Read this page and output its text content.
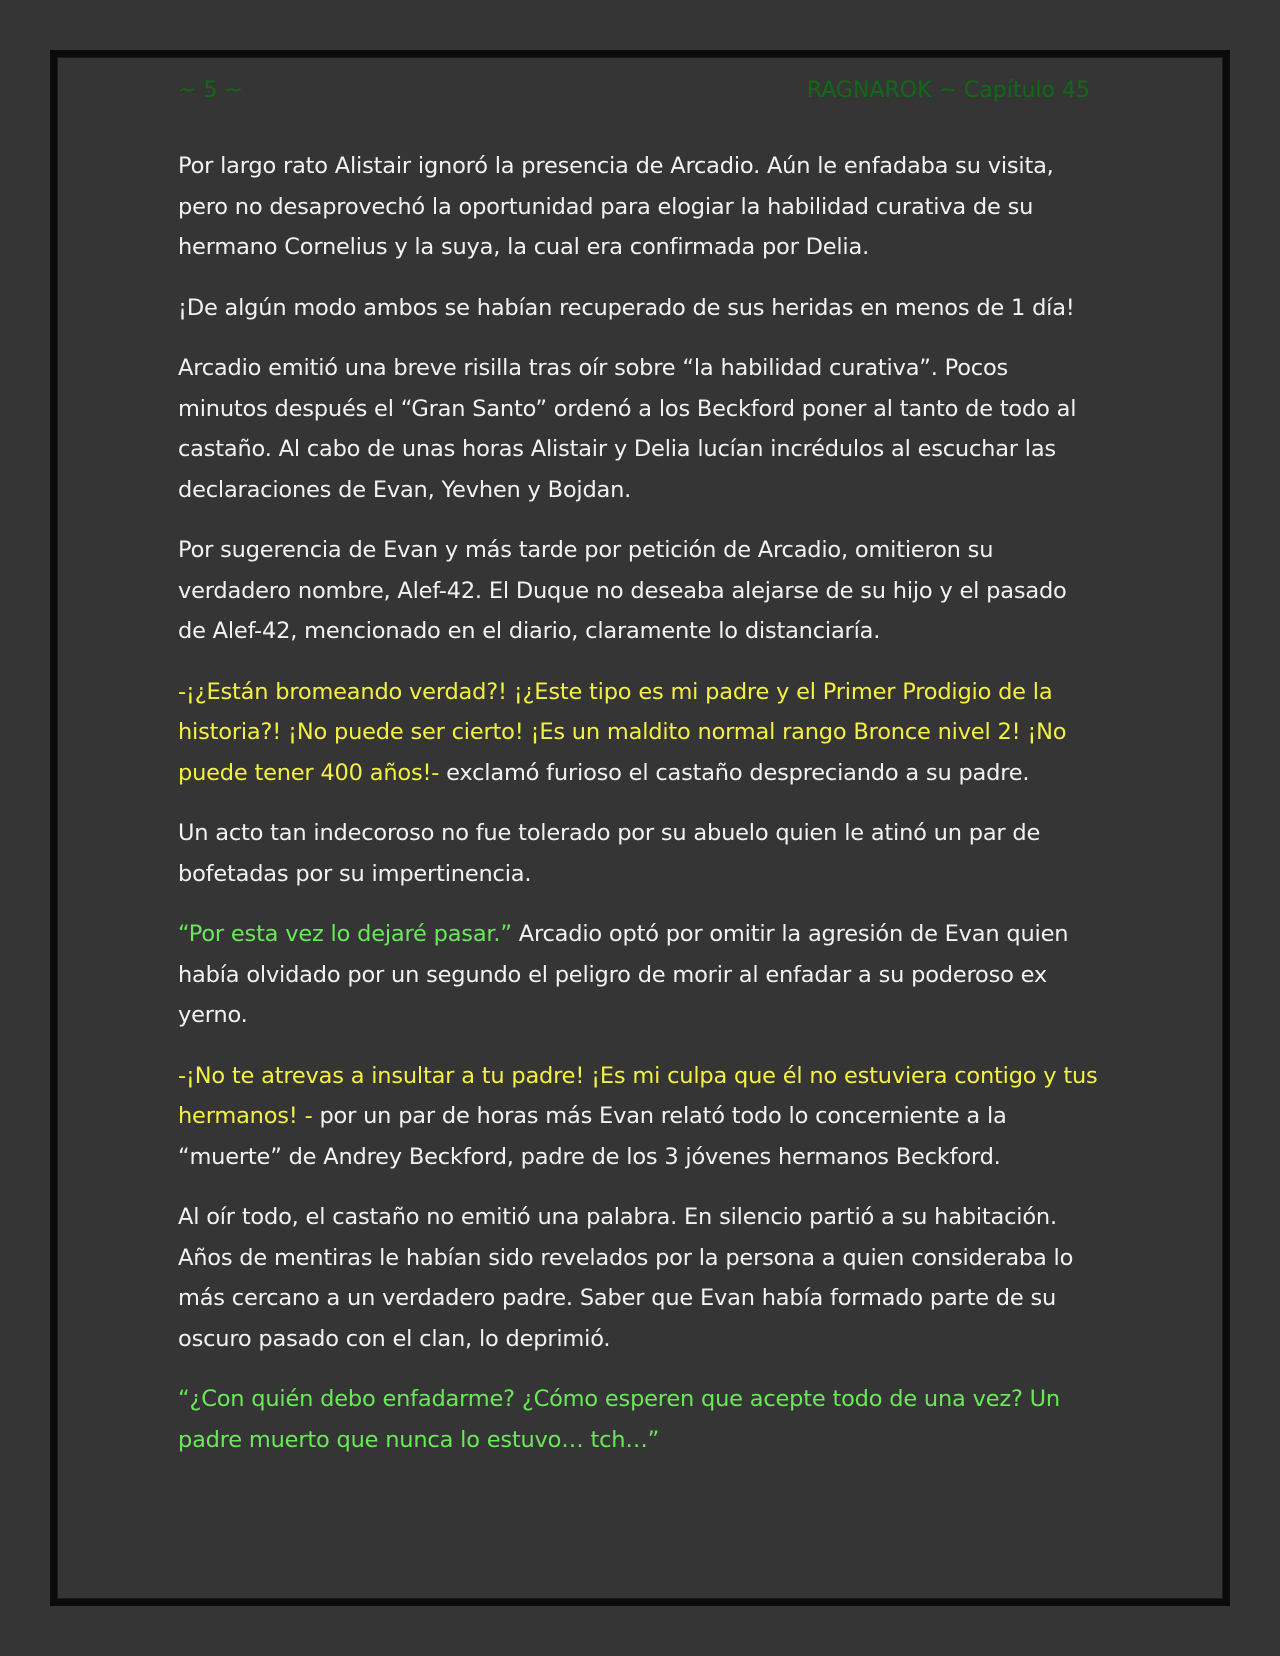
~ 5 ~	RAGNAROK ~ Capítulo 45

Por largo rato Alistair ignoró la presencia de Arcadio. Aún le enfadaba su visita, pero no desaprovechó la oportunidad para elogiar la habilidad curativa de su hermano Cornelius y la suya, la cual era confirmada por Delia.

¡De algún modo ambos se habían recuperado de sus heridas en menos de 1 día!

Arcadio emitió una breve risilla tras oír sobre “la habilidad curativa”. Pocos minutos después el “Gran Santo” ordenó a los Beckford poner al tanto de todo al castaño. Al cabo de unas horas Alistair y Delia lucían incrédulos al escuchar las declaraciones de Evan, Yevhen y Bojdan.

Por sugerencia de Evan y más tarde por petición de Arcadio, omitieron su verdadero nombre, Alef-42. El Duque no deseaba alejarse de su hijo y el pasado de Alef-42, mencionado en el diario, claramente lo distanciaría.

-¡¿Están bromeando verdad?! ¡¿Este tipo es mi padre y el Primer Prodigio de la historia?! ¡No puede ser cierto! ¡Es un maldito normal rango Bronce nivel 2! ¡No puede tener 400 años!- exclamó furioso el castaño despreciando a su padre.

Un acto tan indecoroso no fue tolerado por su abuelo quien le atinó un par de bofetadas por su impertinencia.

“Por esta vez lo dejaré pasar.” Arcadio optó por omitir la agresión de Evan quien había olvidado por un segundo el peligro de morir al enfadar a su poderoso ex yerno.

-¡No te atrevas a insultar a tu padre! ¡Es mi culpa que él no estuviera contigo y tus hermanos! - por un par de horas más Evan relató todo lo concerniente a la “muerte” de Andrey Beckford, padre de los 3 jóvenes hermanos Beckford.

Al oír todo, el castaño no emitió una palabra. En silencio partió a su habitación. Años de mentiras le habían sido revelados por la persona a quien consideraba lo más cercano a un verdadero padre. Saber que Evan había formado parte de su oscuro pasado con el clan, lo deprimió.

“¿Con quién debo enfadarme? ¿Cómo esperen que acepte todo de una vez? Un padre muerto que nunca lo estuvo… tch…”
